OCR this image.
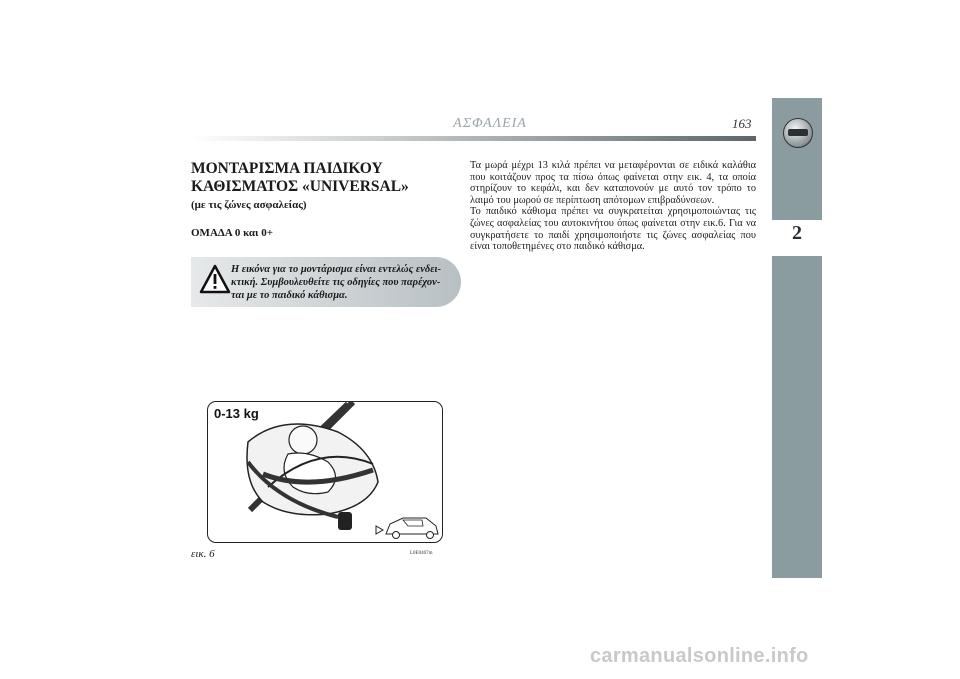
ΑΣΦΑΛΕΙΑ	163
2
ΜΟΝΤΑΡΙΣΜΑ ΠΑΙΔΙΚΟΥ
ΚΑΘΙΣΜΑΤΟΣ «UNIVERSAL»
(με τις ζώνες ασφαλείας)
ΟΜΑΔΑ 0 και 0+
Η εικόνα για το μοντάρισμα είναι εντελώς ενδει-
κτική. Συμβουλευθείτε τις οδηγίες που παρέχον-
ται με το παιδικό κάθισμα.
0-13 kg
εικ. 6	L0E0407m

Τα μωρά μέχρι 13 κιλά πρέπει να μεταφέρονται σε ειδικά καλάθια που κοιτάζουν προς τα πίσω όπως φαίνεται στην εικ. 4, τα οποία στηρίζουν το κεφάλι, και δεν καταπονούν με αυτό τον τρόπο το λαιμό του μωρού σε περίπτωση απότομων επιβραδύνσεων.

Το παιδικό κάθισμα πρέπει να συγκρατείται χρησιμοποιώντας τις ζώνες ασφαλείας του αυτοκινήτου όπως φαίνεται στην εικ.6. Για να συγκρατήσετε το παιδί χρησιμοποιήστε τις ζώνες ασφαλείας που είναι τοποθετημένες στο παιδικό κάθισμα.

carmanualsonline.info
